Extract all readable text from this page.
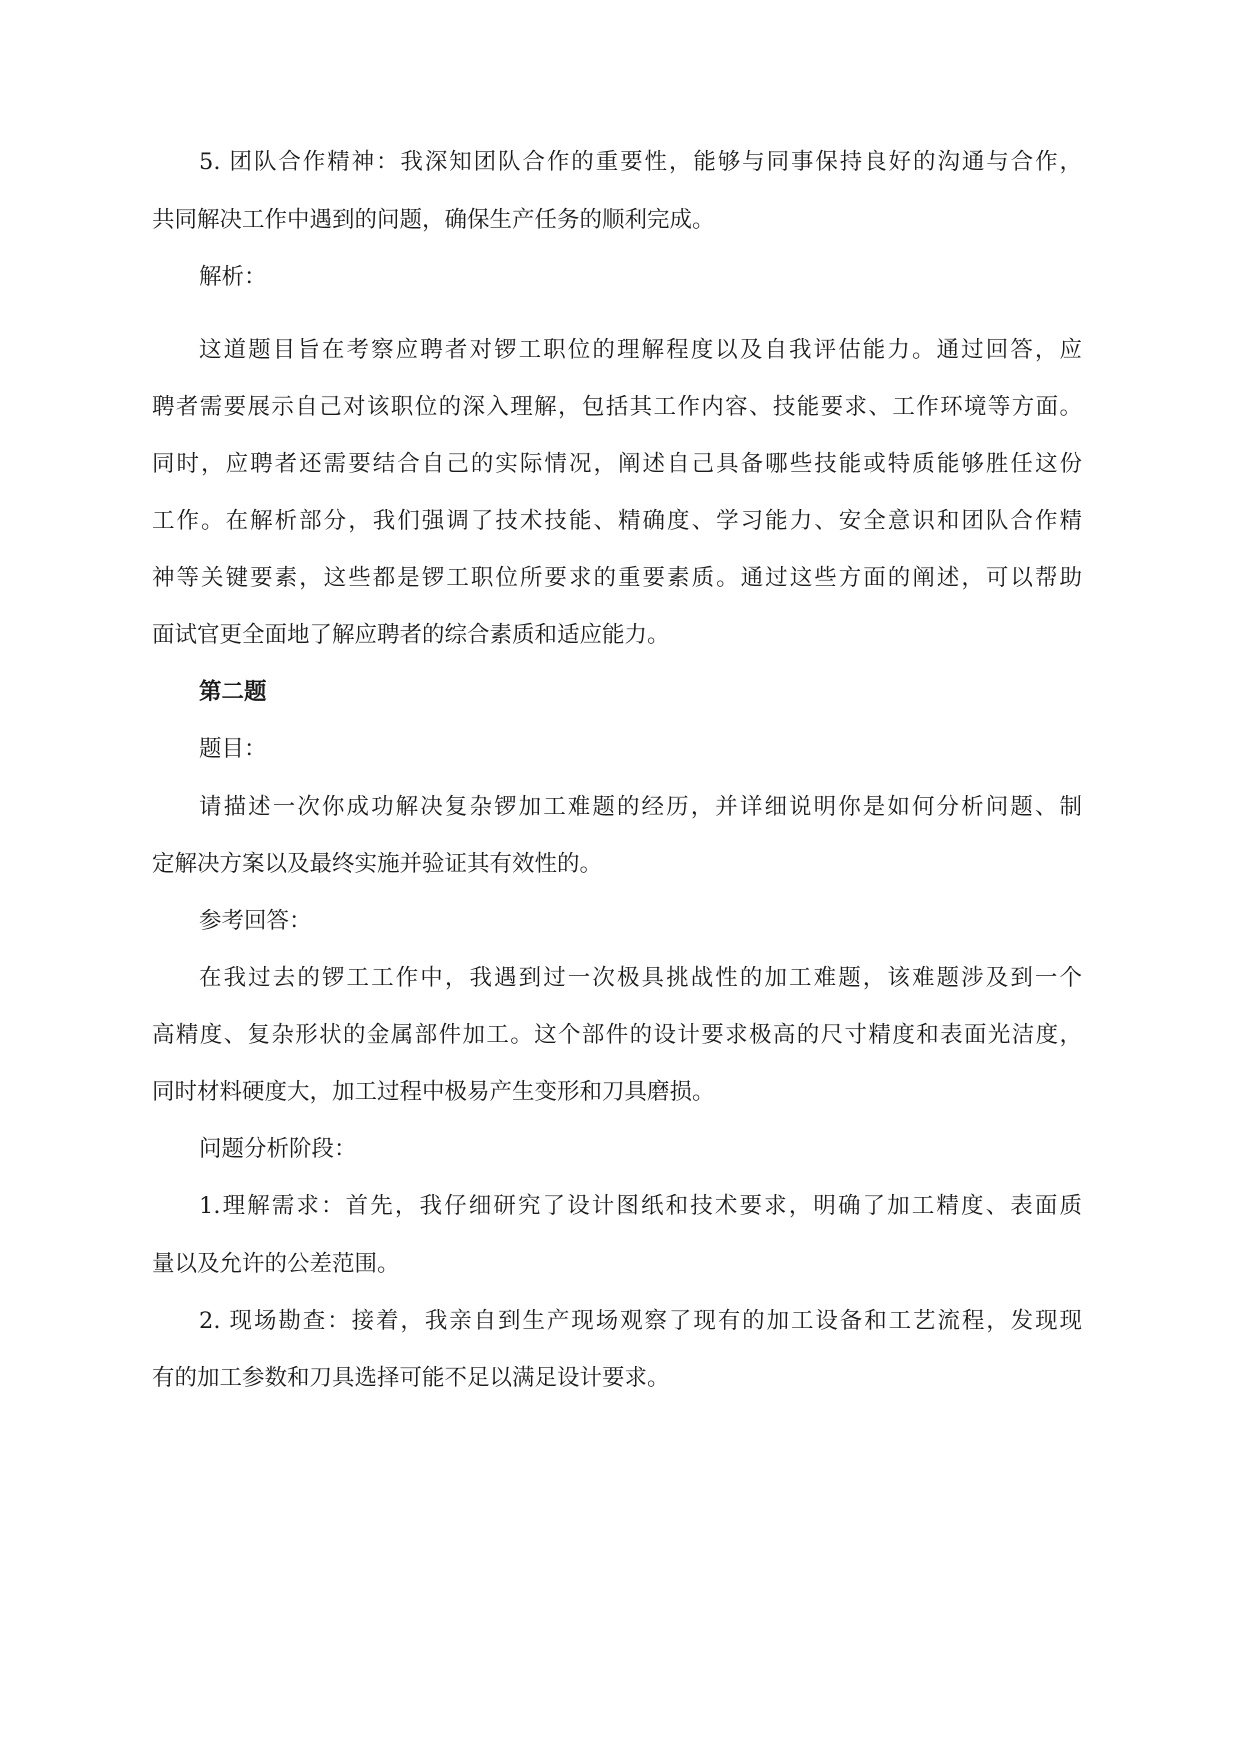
5. 团队合作精神：我深知团队合作的重要性，能够与同事保持良好的沟通与合作，
共同解决工作中遇到的问题，确保生产任务的顺利完成。
解析：
这道题目旨在考察应聘者对锣工职位的理解程度以及自我评估能力。通过回答，应
聘者需要展示自己对该职位的深入理解，包括其工作内容、技能要求、工作环境等方面。
同时，应聘者还需要结合自己的实际情况，阐述自己具备哪些技能或特质能够胜任这份
工作。在解析部分，我们强调了技术技能、精确度、学习能力、安全意识和团队合作精
神等关键要素，这些都是锣工职位所要求的重要素质。通过这些方面的阐述，可以帮助
面试官更全面地了解应聘者的综合素质和适应能力。
第二题
题目：
请描述一次你成功解决复杂锣加工难题的经历，并详细说明你是如何分析问题、制
定解决方案以及最终实施并验证其有效性的。
参考回答：
在我过去的锣工工作中，我遇到过一次极具挑战性的加工难题，该难题涉及到一个
高精度、复杂形状的金属部件加工。这个部件的设计要求极高的尺寸精度和表面光洁度，
同时材料硬度大，加工过程中极易产生变形和刀具磨损。
问题分析阶段：
1.理解需求：首先，我仔细研究了设计图纸和技术要求，明确了加工精度、表面质
量以及允许的公差范围。
2. 现场勘查：接着，我亲自到生产现场观察了现有的加工设备和工艺流程，发现现
有的加工参数和刀具选择可能不足以满足设计要求。
